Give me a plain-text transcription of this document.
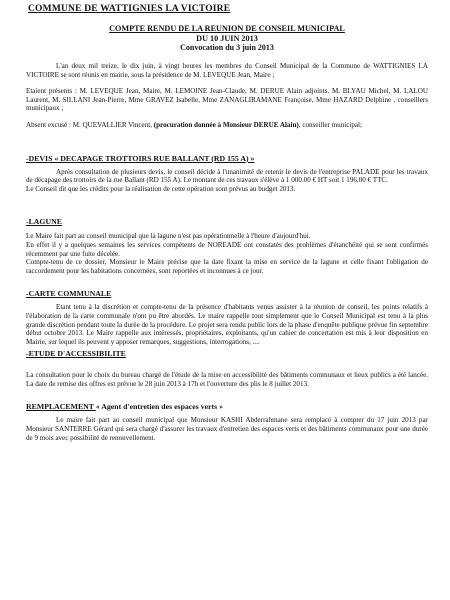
COMMUNE DE WATTIGNIES LA VICTOIRE
COMPTE RENDU DE LA REUNION DE CONSEIL MUNICIPAL
DU 10 JUIN 2013
Convocation du 3 juin 2013

L'an deux mil treize, le dix juin, à vingt heures les membres du Conseil Municipal de la Commune de WATTIGNIES LA VICTOIRE se sont réunis en mairie, sous la présidence de M. LEVEQUE Jean, Maire ;

Etaient présents : M. LEVEQUE Jean, Maire, M. LEMOINE Jean-Claude, M. DERUE Alain adjoints, M. BLYAU Michel, M. LALOU Laurent, M. SILLANI Jean-Pierre, Mme GRAVEZ Isabelle, Mme ZANAGLIRAMANE Françoise, Mme HAZARD Delphine , conseillers municipaux ;

Absent excusé : M. QUEVALLIER Vincent, (procuration donnée à Monsieur DERUE Alain), conseiller municipal;

-DEVIS « DECAPAGE TROTTOIRS RUE BALLANT (RD 155 A) »

Après consultation de plusieurs devis, le conseil décide à l'unanimité de retenir le devis de l'entreprise PALADE pour les travaux de décapage des trottoirs de la rue Ballant (RD 155 A). Le montant de ces travaux s'élève à 1 000.00 € HT soit 1 196.00 € TTC.

Le Conseil dit que les crédits pour la réalisation de cette opération sont prévus au budget 2013.

-LAGUNE

Le Maire fait part au conseil municipal que la lagune n'est pas opérationnelle à l'heure d'aujourd'hui.

En effet il y a quelques semaines les services compétents de NOREADE ont constatés des problèmes d'étanchéité qui se sont confirmés récemment par une fuite décelée.

Compte-tenu de ce dossier, Monsieur le Maire précise que la date fixant la mise en service de la lagune et celle fixant l'obligation de raccordement pour les habitations concernées, sont reportées et inconnues à ce jour.

-CARTE COMMUNALE

Etant tenu à la discrétion et compte-tenu de la présence d'habitants venus assister à la réunion de conseil, les points relatifs à l'élaboration de la carte communale n'ont pu être abordés. Le maire rappelle tout simplement que le Conseil Municipal est tenu à la plus grande discrétion pendant toute la durée de la procédure. Le projet sera rendu public lors de la phase d'enquête publique prévue fin septembre début octobre 2013. Le Maire rappelle aux intéressés, propriétaires, exploitants, qu'un cahier de concertation est mis à leur disposition en Mairie, sur lequel ils peuvent y apposer remarques, suggestions, interrogations, ....

-ETUDE D'ACCESSIBILITE

La consultation pour le choix du bureau chargé de l'étude de la mise en accessibilité des bâtiments communaux et lieux publics a été lancée. La date de remise des offres est prévue le 28 juin 2013 à 17h et l'ouverture des plis le 8 juillet 2013.

REMPLACEMENT « Agent d'entretien des espaces verts »

Le maire fait part au conseil municipal que Monsieur KASHI Abderrahmane sera remplacé à compter du 17 juin 2013 par Monsieur SANTERRE Gérard qui sera chargé d'assurer les travaux d'entretien des espaces verts et des bâtiments communaux pour une durée de 9 mois avec possibilité de renouvellement.
